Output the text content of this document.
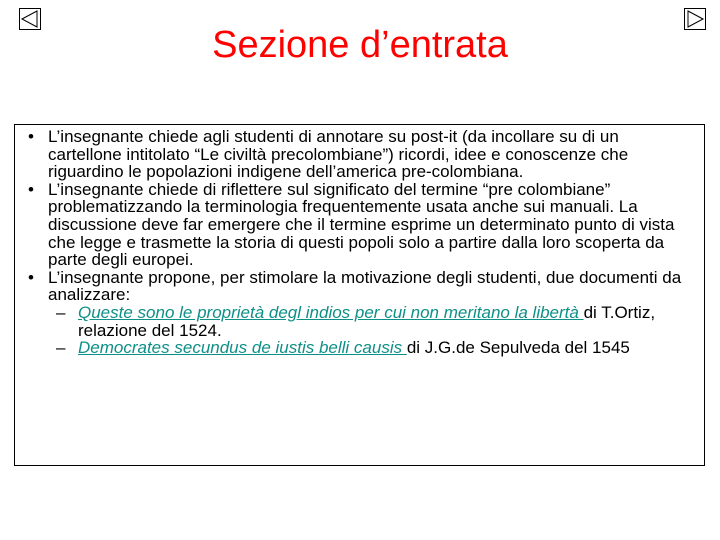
Sezione d’entrata

• L’insegnante chiede agli studenti di annotare su post-it (da incollare su di un cartellone intitolato “Le civiltà precolombiane”) ricordi, idee e conoscenze che riguardino le popolazioni indigene dell’america pre-colombiana.

• L’insegnante chiede di riflettere sul significato del termine “pre colombiane” problematizzando la terminologia frequentemente usata anche sui manuali. La discussione deve far emergere che il termine esprime un determinato punto di vista che legge e trasmette la storia di questi popoli solo a partire dalla loro scoperta da parte degli europei.

• L’insegnante propone, per stimolare la motivazione degli studenti, due documenti da analizzare:

– Queste sono le proprietà degl indios per cui non meritano la libertà di T.Ortiz, relazione del 1524.

– Democrates secundus de iustis belli causis di J.G.de Sepulveda del 1545
